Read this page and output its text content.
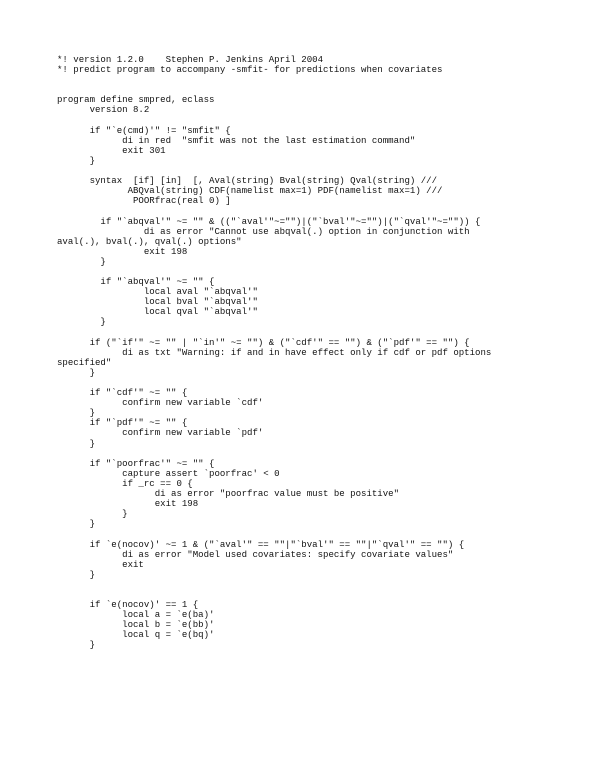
*! version 1.2.0    Stephen P. Jenkins April 2004
*! predict program to accompany -smfit- for predictions when covariates
program define smpred, eclass
version 8.2
if "`e(cmd)'" != "smfit" {
di in red  "smfit was not the last estimation command"
exit 301
}
syntax  [if] [in]  [, Aval(string) Bval(string) Qval(string) ///
ABQval(string) CDF(namelist max=1) PDF(namelist max=1) ///
POORfrac(real 0) ]
if "`abqval'" ~= "" & (("`aval'"~="")|("`bval'"~="")|("`qval'"~="")) {
di as error "Cannot use abqval(.) option in conjunction with
aval(.), bval(.), qval(.) options"
exit 198
}
if "`abqval'" ~= "" {
local aval "`abqval'"
local bval "`abqval'"
local qval "`abqval'"
}
if ("`if'" ~= "" | "`in'" ~= "") & ("`cdf'" == "") & ("`pdf'" == "") {
di as txt "Warning: if and in have effect only if cdf or pdf options
specified"
}
if "`cdf'" ~= "" {
confirm new variable `cdf'
}
if "`pdf'" ~= "" {
confirm new variable `pdf'
}
if "`poorfrac'" ~= "" {
capture assert `poorfrac' < 0
if _rc == 0 {
di as error "poorfrac value must be positive"
exit 198
}
}
if `e(nocov)' ~= 1 & ("`aval'" == ""|"`bval'" == ""|"`qval'" == "") {
di as error "Model used covariates: specify covariate values"
exit
}
if `e(nocov)' == 1 {
local a = `e(ba)'
local b = `e(bb)'
local q = `e(bq)'
}
